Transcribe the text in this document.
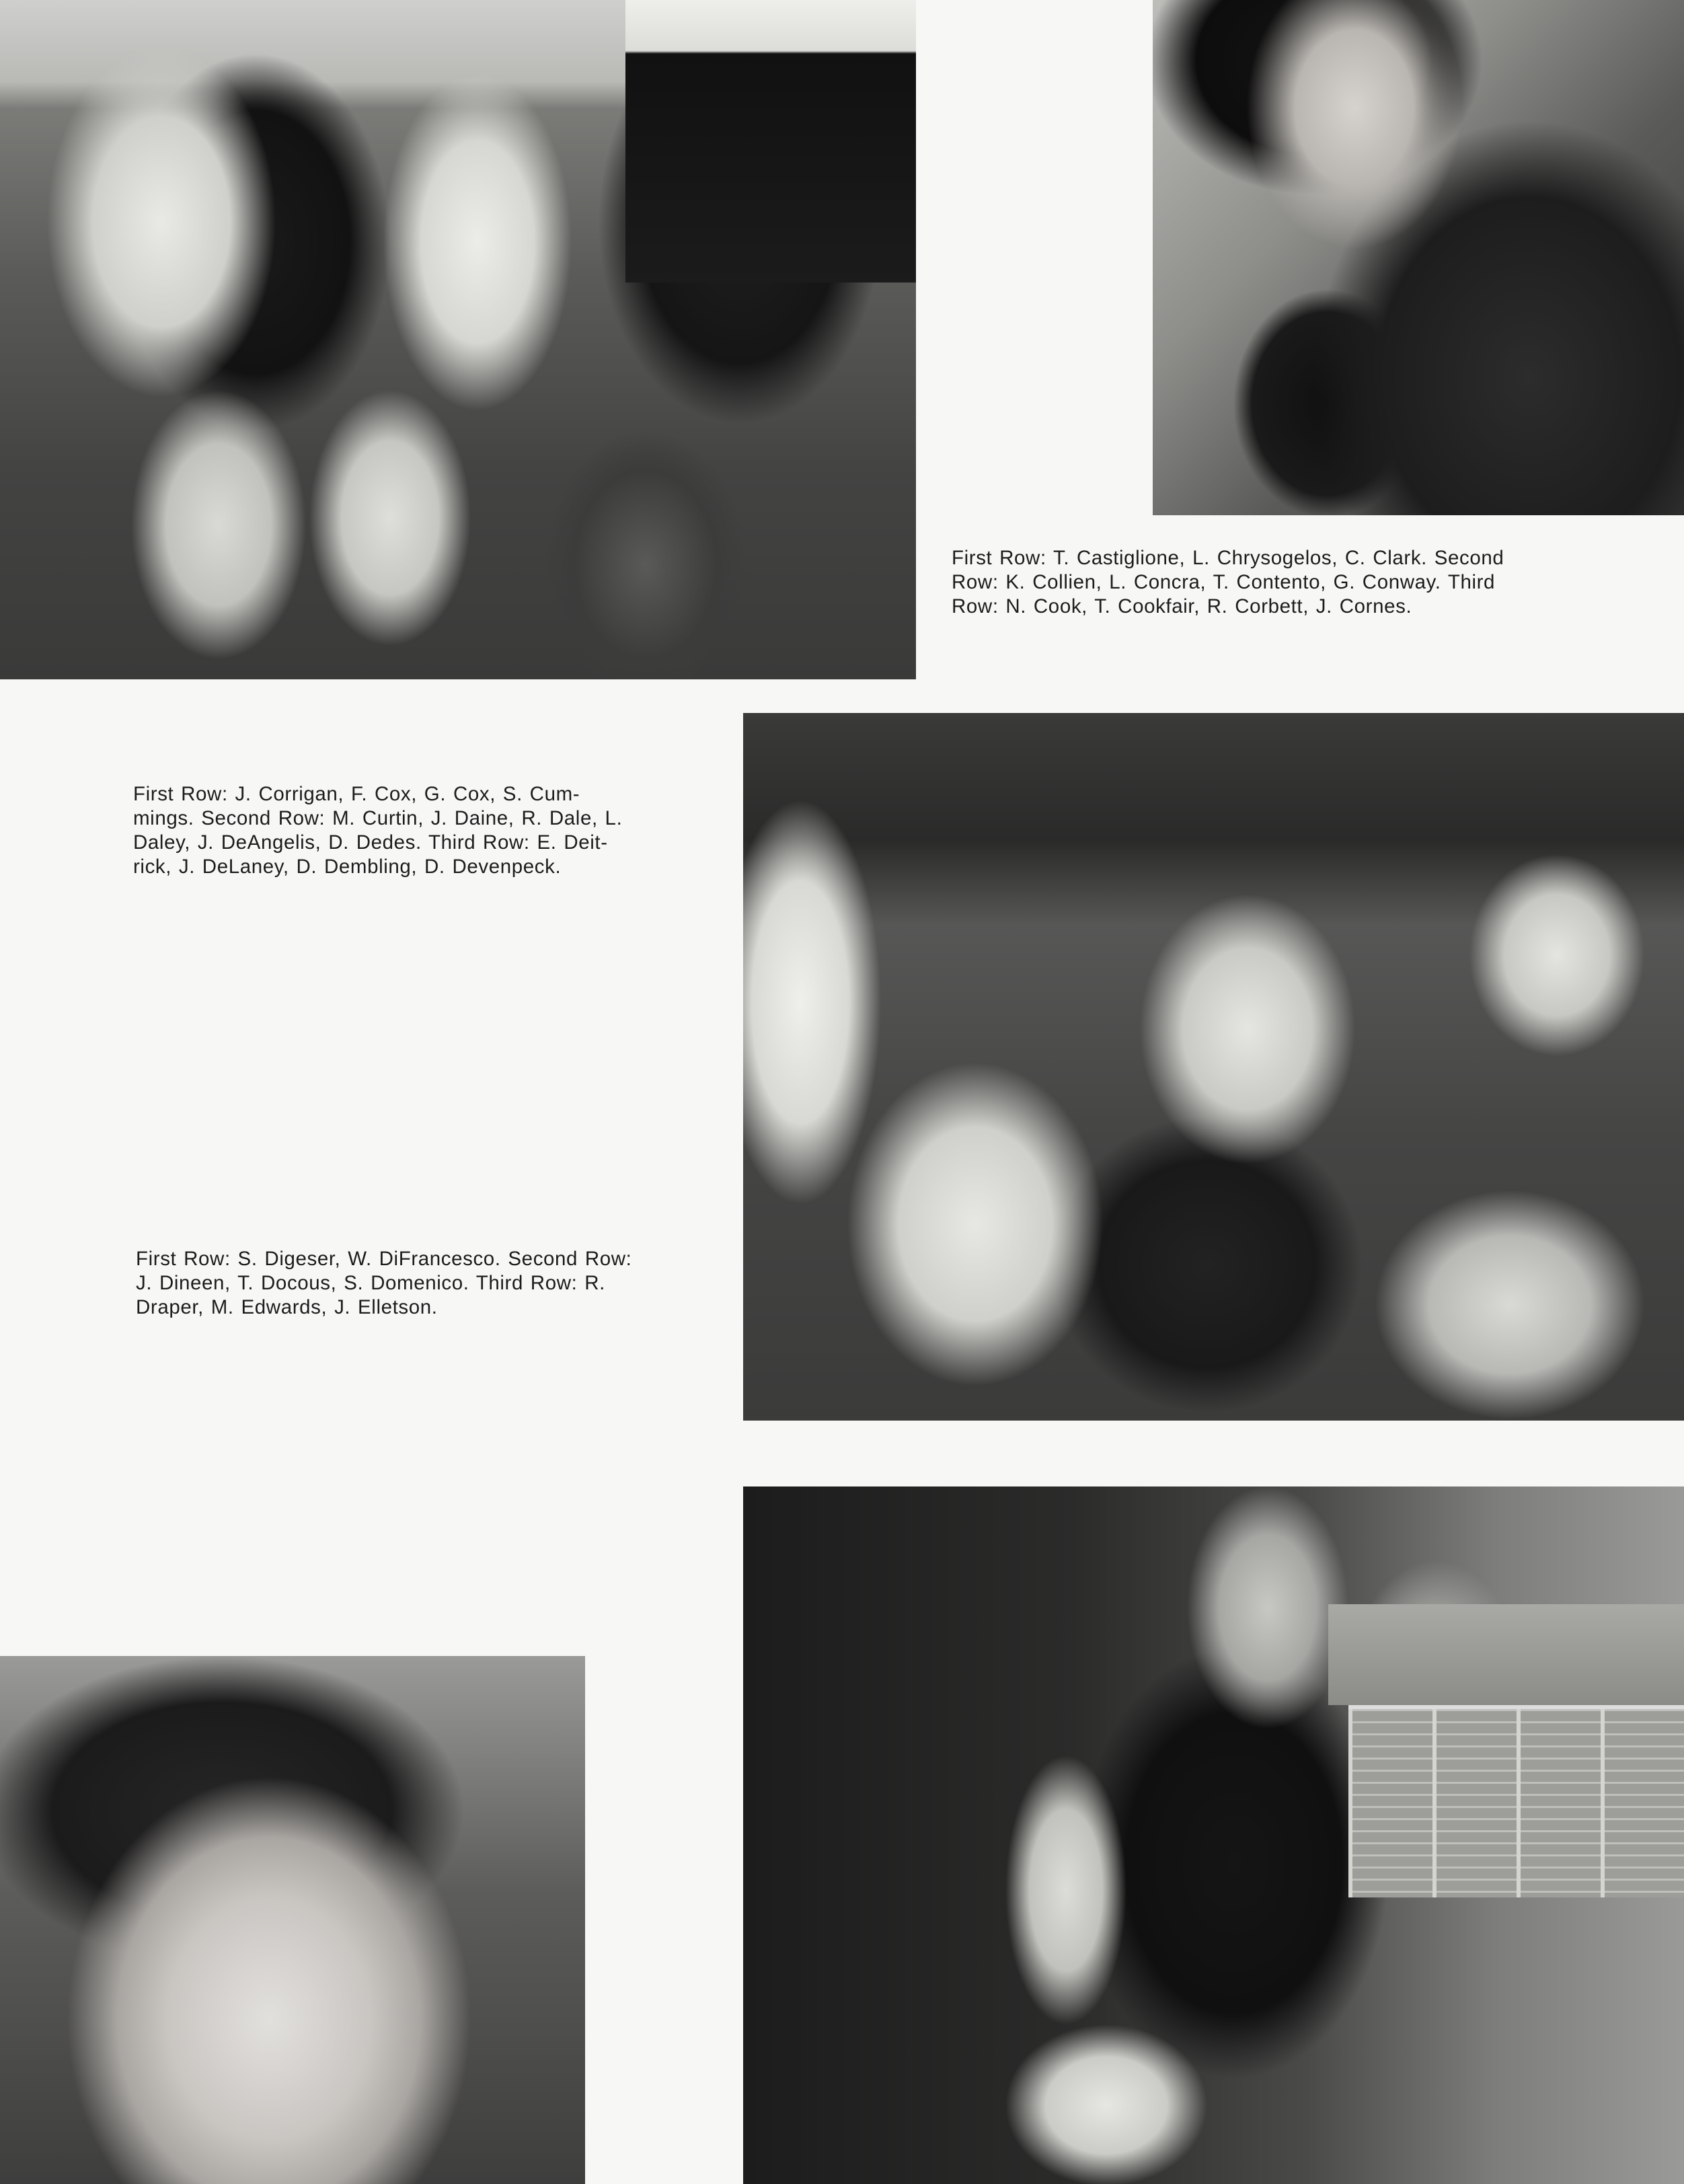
First Row: T. Castiglione, L. Chrysogelos, C. Clark. Second
Row: K. Collien, L. Concra, T. Contento, G. Conway. Third
Row: N. Cook, T. Cookfair, R. Corbett, J. Cornes.

First Row: J. Corrigan, F. Cox, G. Cox, S. Cum-
mings. Second Row: M. Curtin, J. Daine, R. Dale, L.
Daley, J. DeAngelis, D. Dedes. Third Row: E. Deit-
rick, J. DeLaney, D. Dembling, D. Devenpeck.

First Row: S. Digeser, W. DiFrancesco. Second Row:
J. Dineen, T. Docous, S. Domenico. Third Row: R.
Draper, M. Edwards, J. Elletson.
